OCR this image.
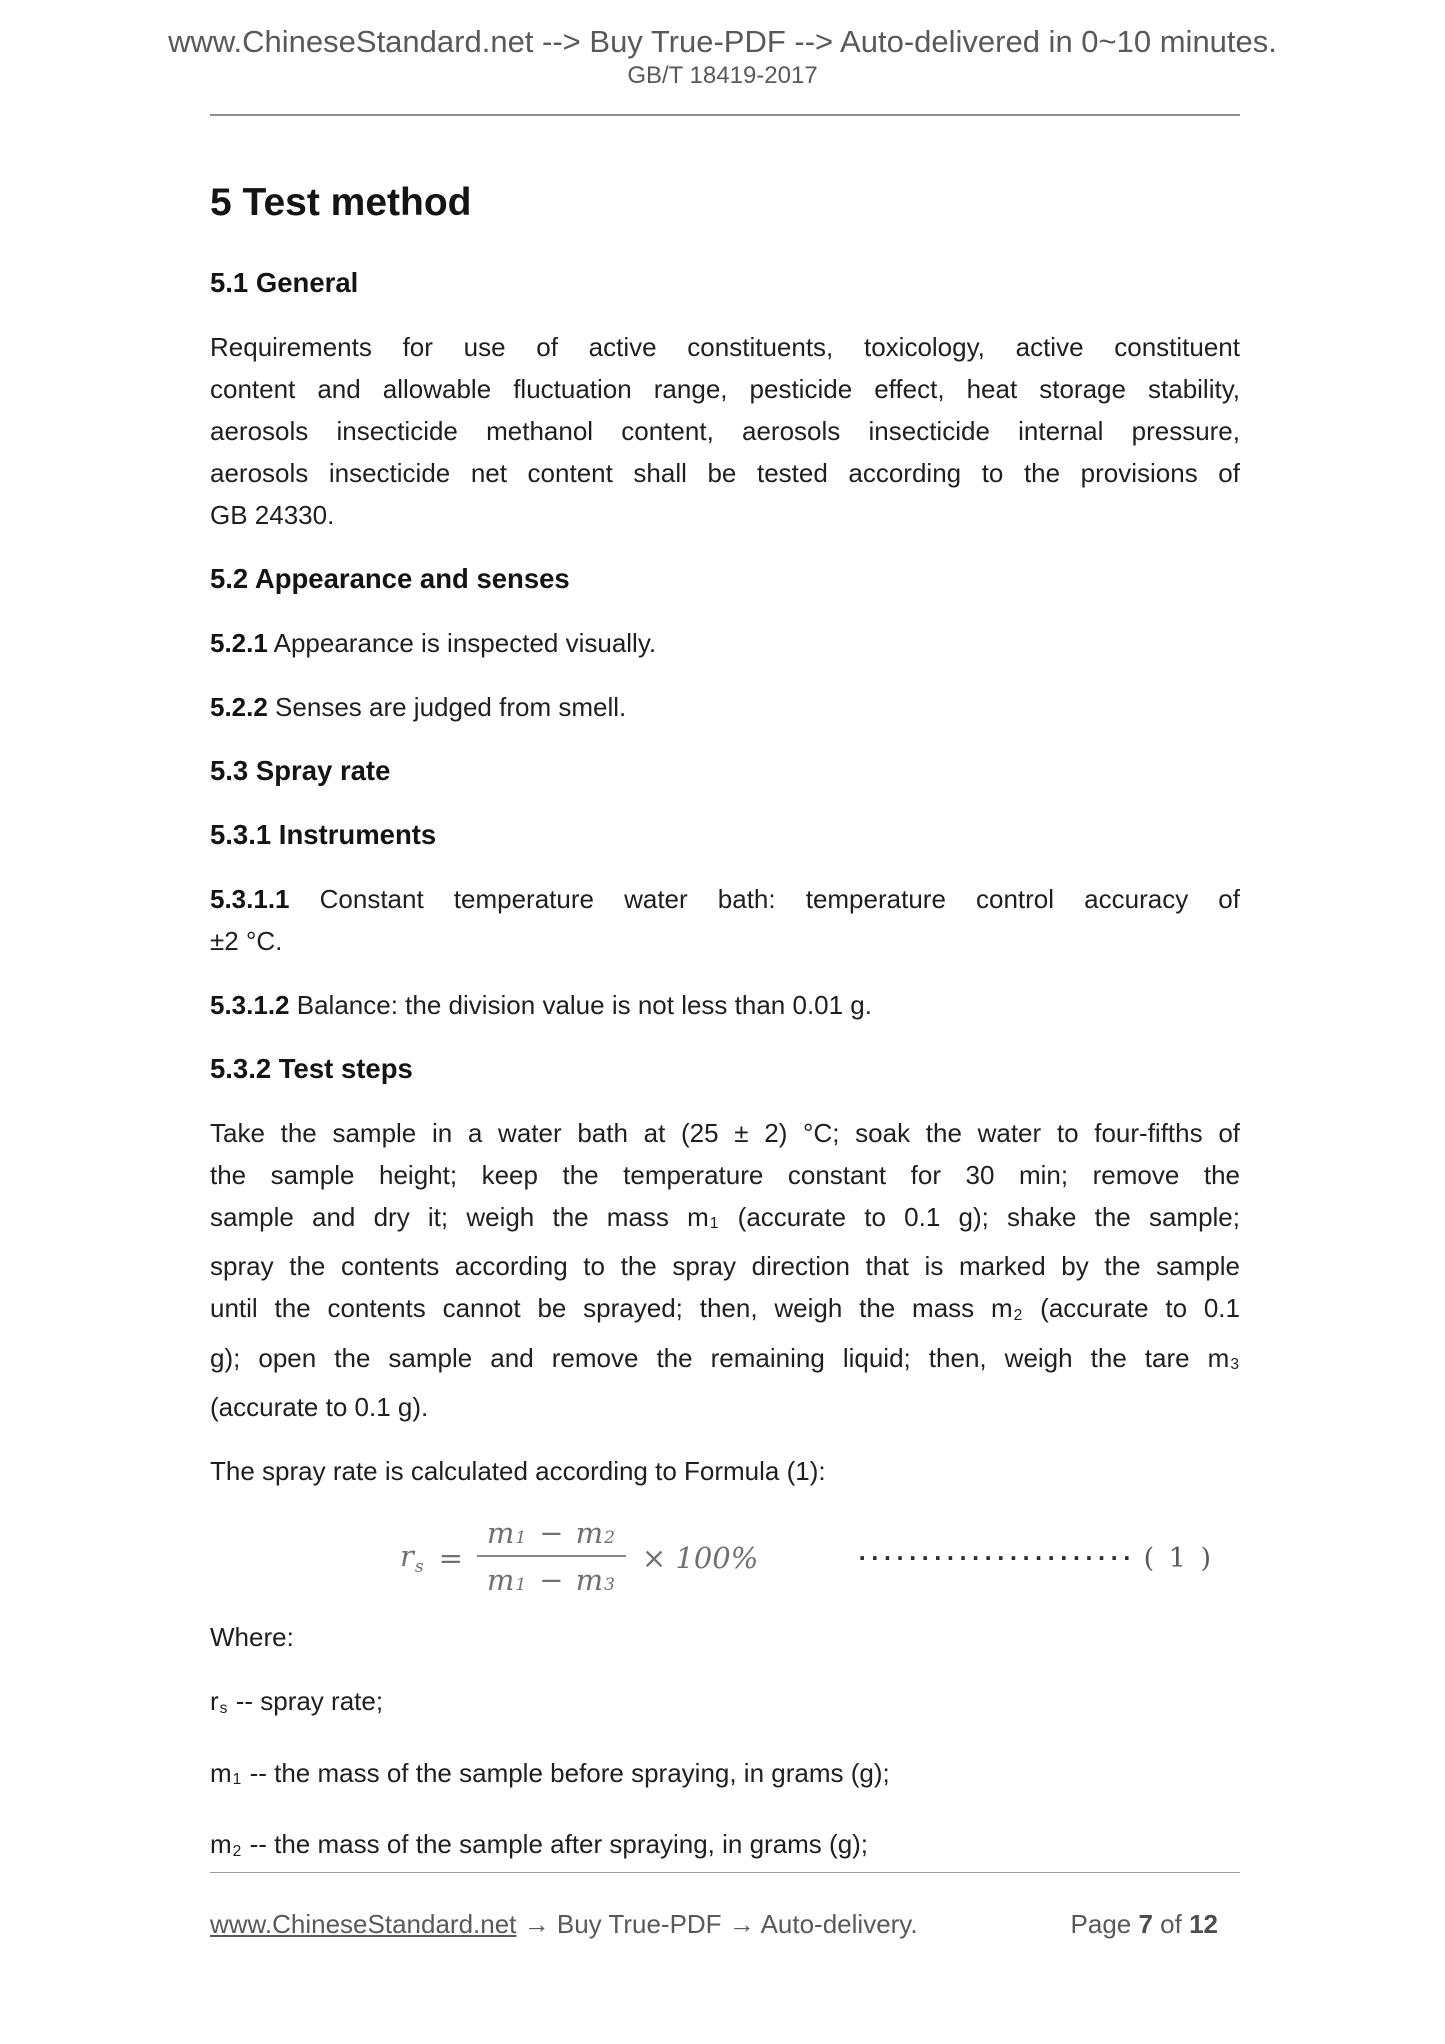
www.ChineseStandard.net --> Buy True-PDF --> Auto-delivered in 0~10 minutes.
GB/T 18419-2017
5 Test method
5.1 General
Requirements for use of active constituents, toxicology, active constituent
content and allowable fluctuation range, pesticide effect, heat storage stability,
aerosols insecticide methanol content, aerosols insecticide internal pressure,
aerosols insecticide net content shall be tested according to the provisions of
GB 24330.
5.2 Appearance and senses
5.2.1 Appearance is inspected visually.
5.2.2 Senses are judged from smell.
5.3 Spray rate
5.3.1 Instruments
5.3.1.1 Constant temperature water bath: temperature control accuracy of
±2 °C.
5.3.1.2 Balance: the division value is not less than 0.01 g.
5.3.2 Test steps
Take the sample in a water bath at (25 ± 2) °C; soak the water to four-fifths of
the sample height; keep the temperature constant for 30 min; remove the
sample and dry it; weigh the mass m1 (accurate to 0.1 g); shake the sample;
spray the contents according to the spray direction that is marked by the sample
until the contents cannot be sprayed; then, weigh the mass m2 (accurate to 0.1
g); open the sample and remove the remaining liquid; then, weigh the tare m3
(accurate to 0.1 g).
The spray rate is calculated according to Formula (1):
$r_s = \frac{m 1 - m 2}{m 1 - m 3} \times 100\%$	······················ ( 1 )
Where:
rs -- spray rate;
m1 -- the mass of the sample before spraying, in grams (g);
m2 -- the mass of the sample after spraying, in grams (g);
www.ChineseStandard.net → Buy True-PDF → Auto-delivery.	Page 7 of 12
